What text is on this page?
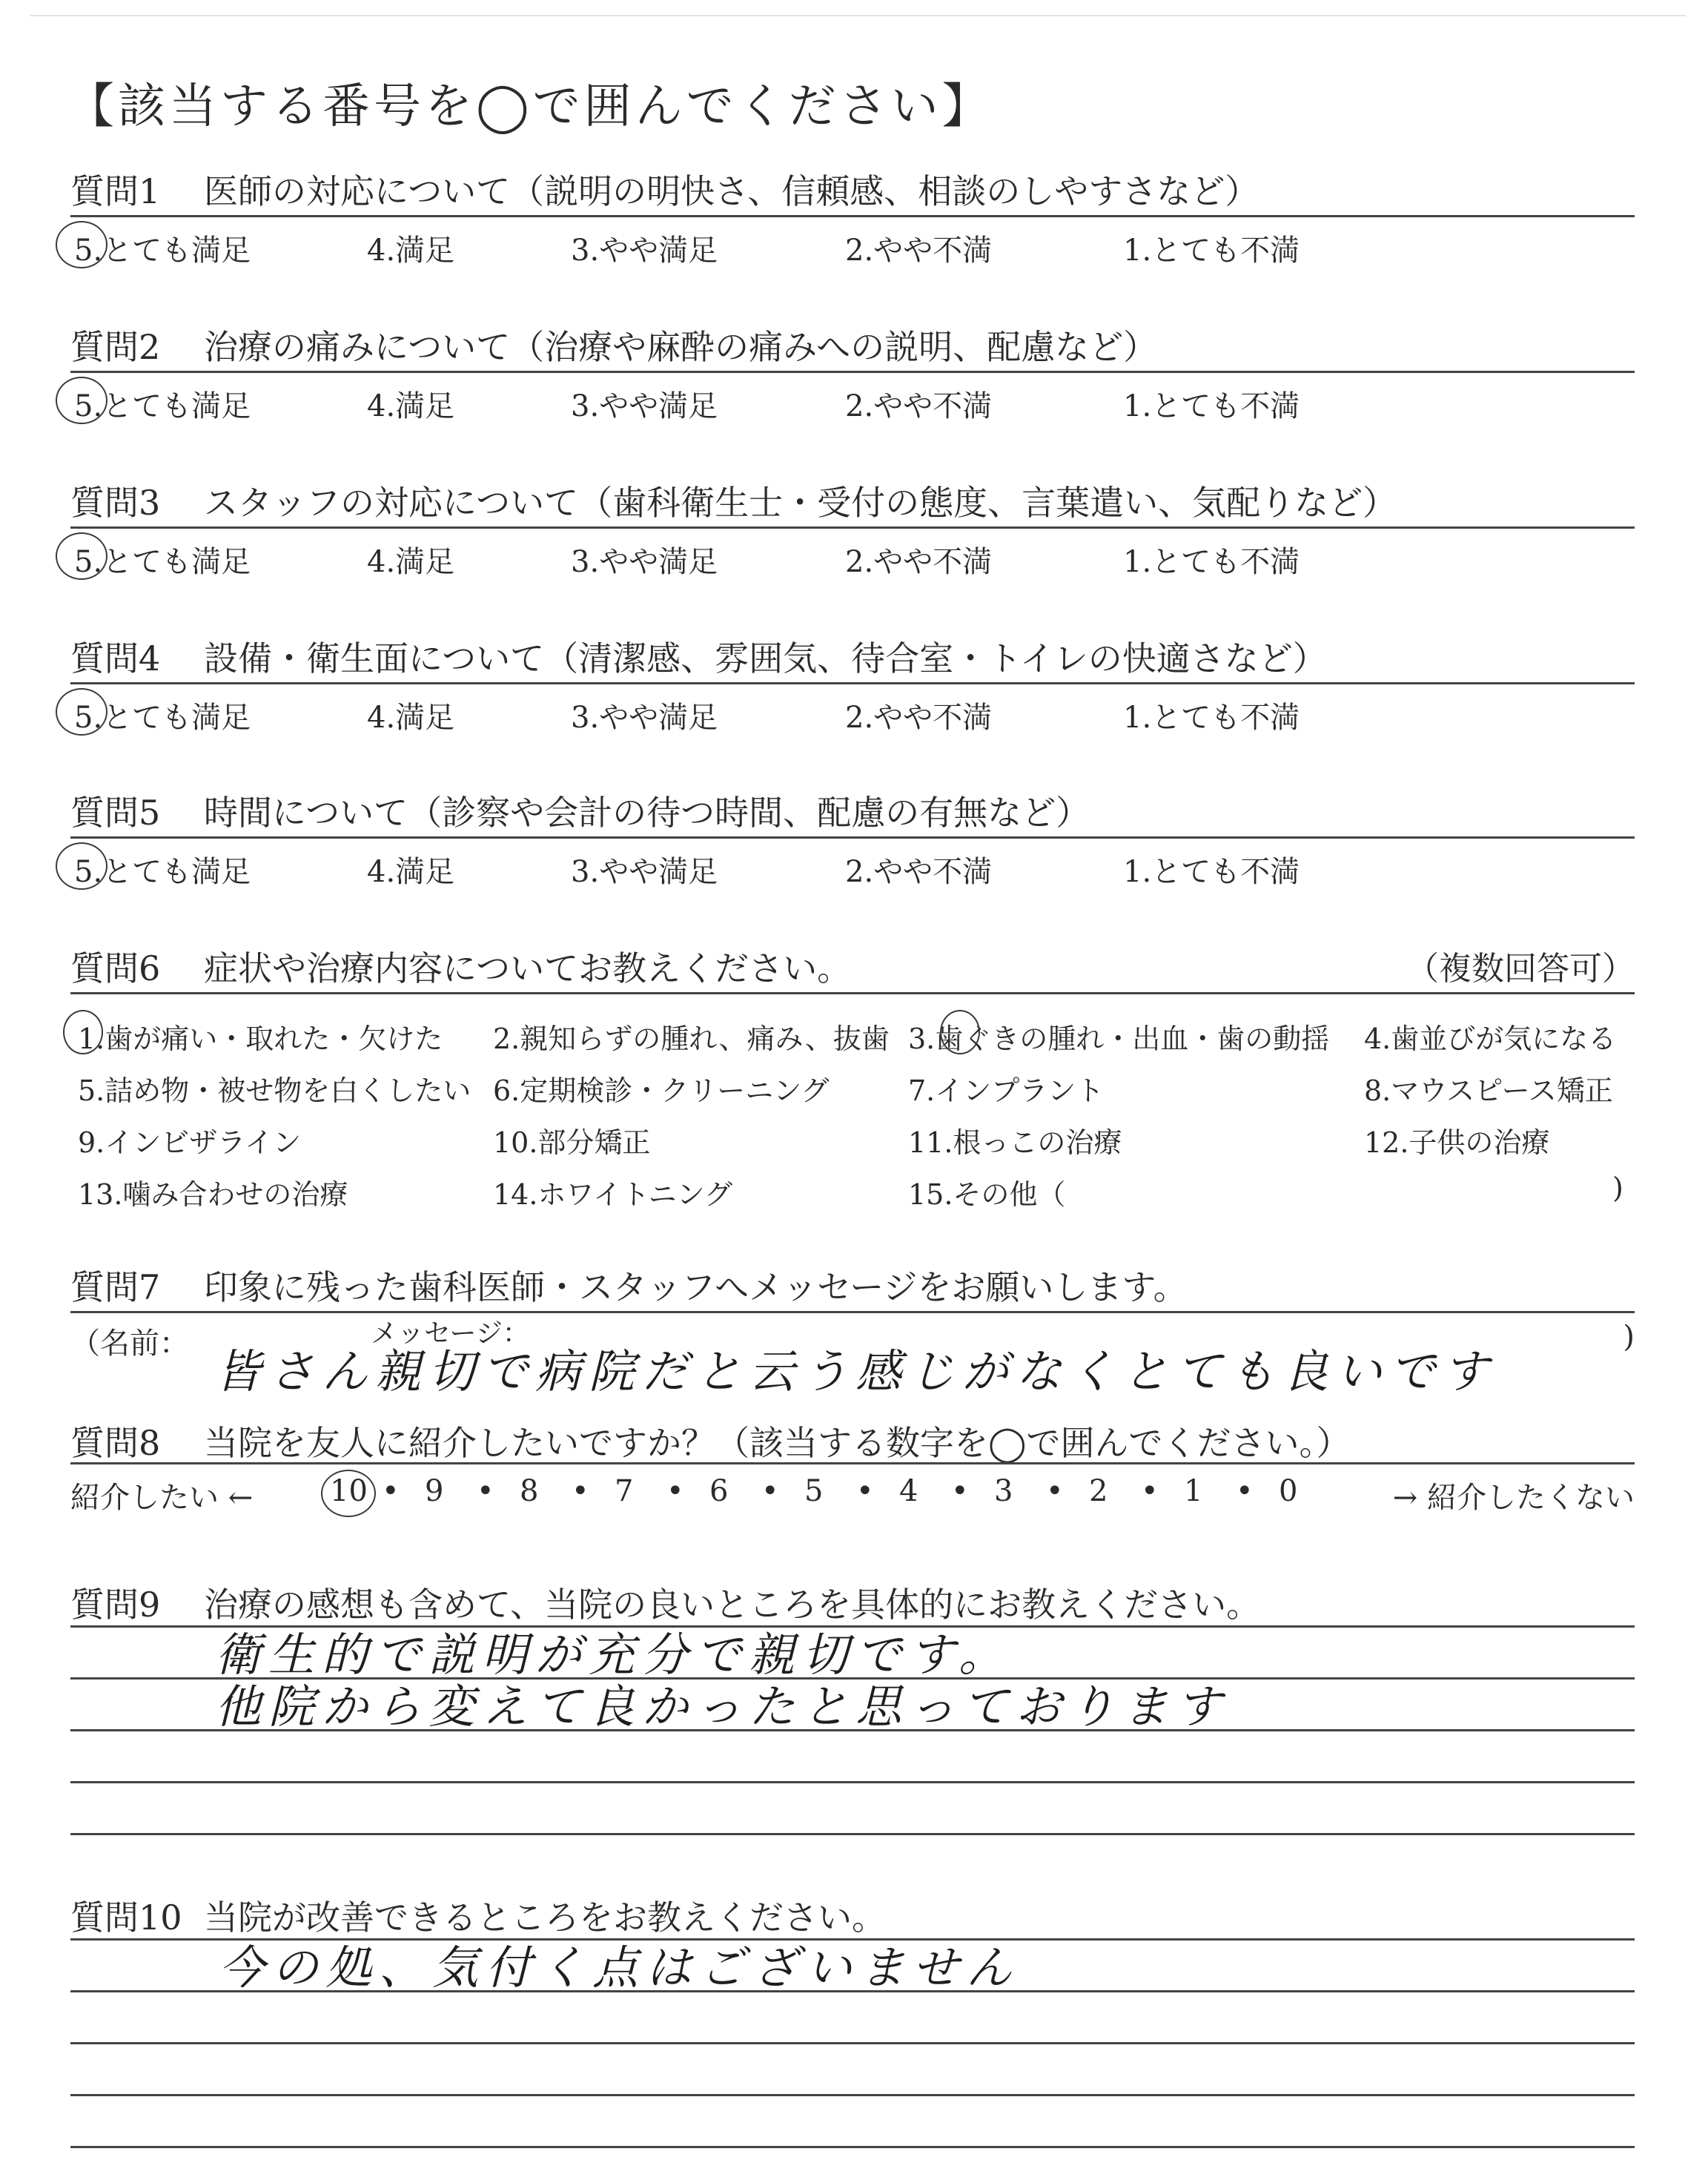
【該当する番号を◯で囲んでください】
質問1 医師の対応について（説明の明快さ、信頼感、相談のしやすさなど）
5.とても満足	4.満足	3.やや満足	2.やや不満	1.とても不満
質問2 治療の痛みについて（治療や麻酔の痛みへの説明、配慮など）
5.とても満足	4.満足	3.やや満足	2.やや不満	1.とても不満
質問3 スタッフの対応について（歯科衛生士・受付の態度、言葉遣い、気配りなど）
5.とても満足	4.満足	3.やや満足	2.やや不満	1.とても不満
質問4 設備・衛生面について（清潔感、雰囲気、待合室・トイレの快適さなど）
5.とても満足	4.満足	3.やや満足	2.やや不満	1.とても不満
質問5 時間について（診察や会計の待つ時間、配慮の有無など）
5.とても満足	4.満足	3.やや満足	2.やや不満	1.とても不満
質問6 症状や治療内容についてお教えください。	（複数回答可）
1.歯が痛い・取れた・欠けた 2.親知らずの腫れ、痛み、抜歯 3.歯ぐきの腫れ・出血・歯の動揺 4.歯並びが気になる
5.詰め物・被せ物を白くしたい 6.定期検診・クリーニング	7.インプラント	8.マウスピース矯正
9.インビザライン	10.部分矯正	11.根っこの治療	12.子供の治療
13.噛み合わせの治療	14.ホワイトニング	15.その他（	)
質問7 印象に残った歯科医師・スタッフへメッセージをお願いします。
（名前：	メッセージ：	)
皆さん親切で病院だと云う感じがなくとても良いです
質問8 当院を友人に紹介したいですか？（該当する数字を◯で囲んでください。）
紹介したい ←	10 • 9 • 8 • 7 • 6 • 5 • 4 • 3 • 2 • 1 • 0	→ 紹介したくない
質問9 治療の感想も含めて、当院の良いところを具体的にお教えください。
衛生的で説明が充分で親切です。
他院から変えて良かったと思っております
質問10 当院が改善できるところをお教えください。
今の処、気付く点はございません
